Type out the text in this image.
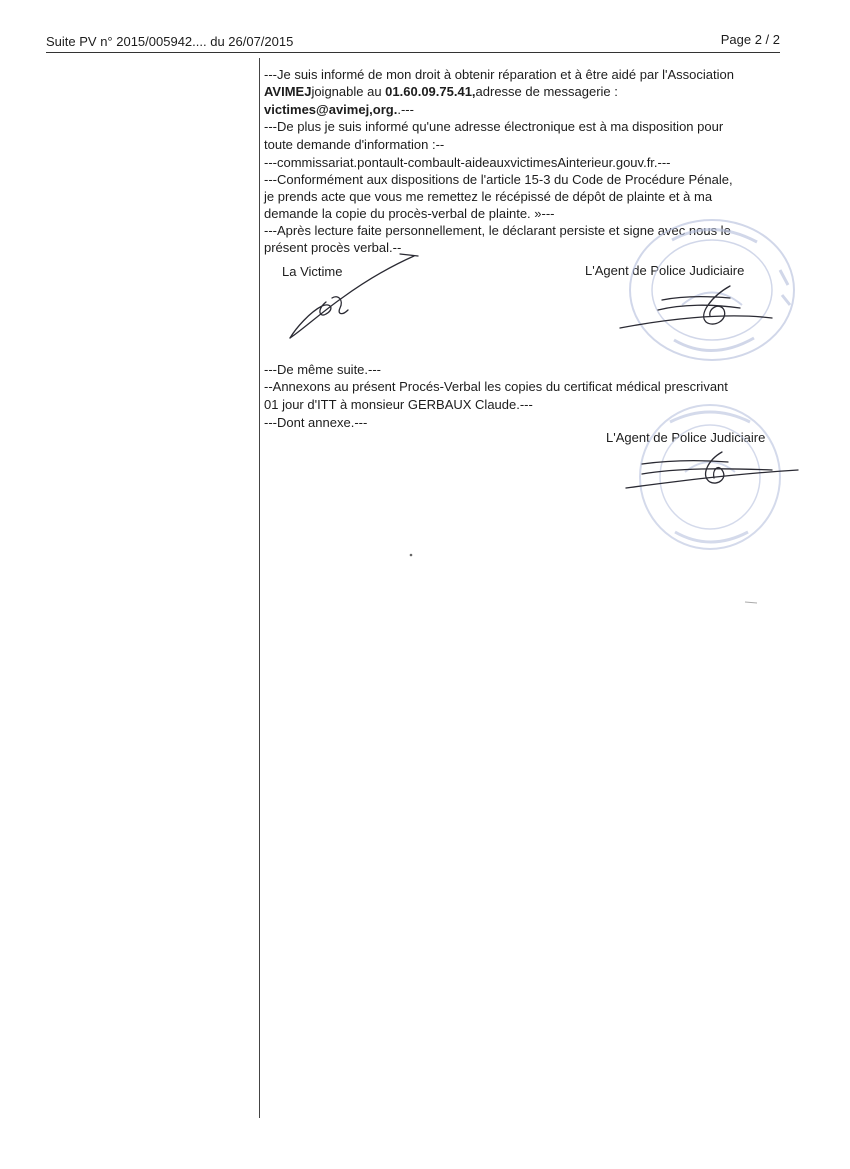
Suite PV n° 2015/005942.... du 26/07/2015	Page 2 / 2

---Je suis informé de mon droit à obtenir réparation et à être aidé par l'Association

AVIMEJjoignable au 01.60.09.75.41,adresse de messagerie :

victimes@avimej,org..---

---De plus je suis informé qu'une adresse électronique est à ma disposition pour

toute demande d'information :--

---commissariat.pontault-combault-aideauxvictimesAinterieur.gouv.fr.---

---Conformément aux dispositions de l'article 15-3 du Code de Procédure Pénale,

je prends acte que vous me remettez le récépissé de dépôt de plainte et à ma

demande la copie du procès-verbal de plainte. »---

---Après lecture faite personnellement, le déclarant persiste et signe avec nous le

présent procès verbal.--

La Victime	L'Agent de Police Judiciaire

---De même suite.---

--Annexons au présent Procés-Verbal les copies du certificat médical prescrivant

01 jour d'ITT à monsieur GERBAUX Claude.---

---Dont annexe.---

L'Agent de Police Judiciaire
